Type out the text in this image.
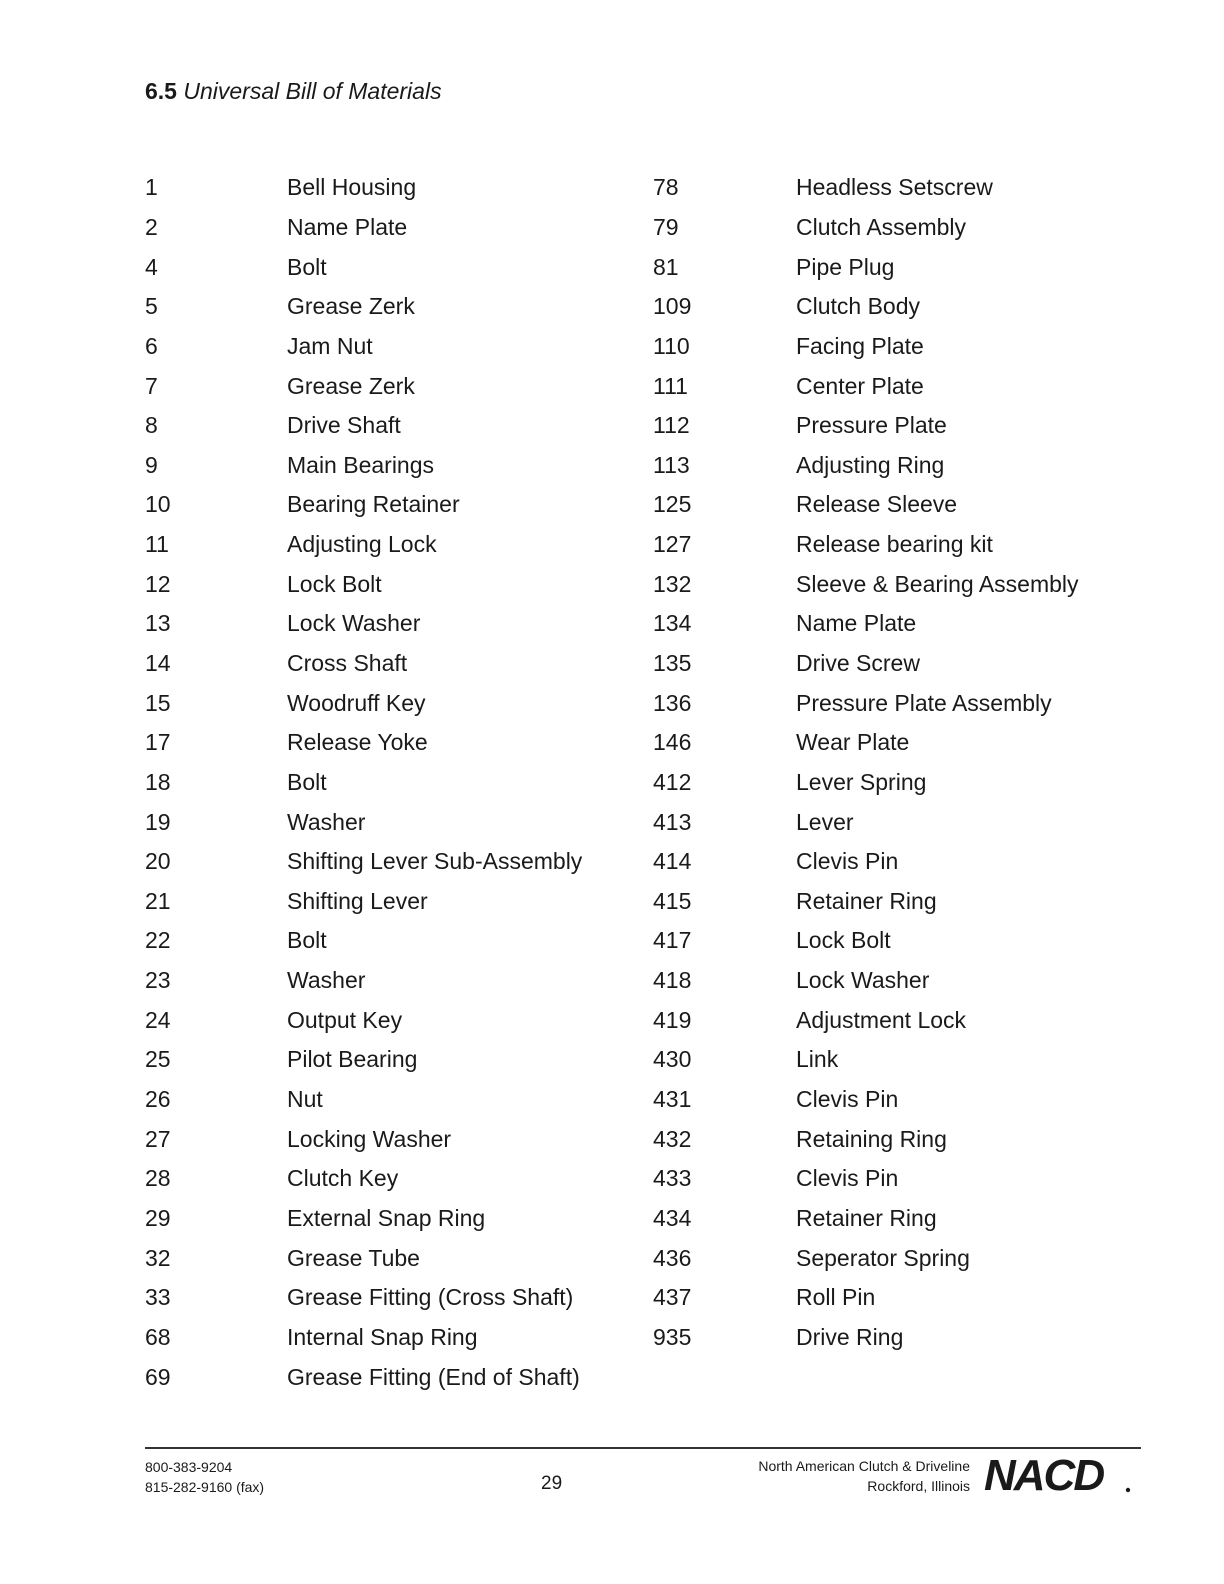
6.5 Universal Bill of Materials
1	Bell Housing
2	Name Plate
4	Bolt
5	Grease Zerk
6	Jam Nut
7	Grease Zerk
8	Drive Shaft
9	Main Bearings
10	Bearing Retainer
11	Adjusting Lock
12	Lock Bolt
13	Lock Washer
14	Cross Shaft
15	Woodruff Key
17	Release Yoke
18	Bolt
19	Washer
20	Shifting Lever Sub-Assembly
21	Shifting Lever
22	Bolt
23	Washer
24	Output Key
25	Pilot Bearing
26	Nut
27	Locking Washer
28	Clutch Key
29	External Snap Ring
32	Grease Tube
33	Grease Fitting (Cross Shaft)
68	Internal Snap Ring
69	Grease Fitting (End of Shaft)
78	Headless Setscrew
79	Clutch Assembly
81	Pipe Plug
109	Clutch Body
110	Facing Plate
111	Center Plate
112	Pressure Plate
113	Adjusting Ring
125	Release Sleeve
127	Release bearing kit
132	Sleeve & Bearing Assembly
134	Name Plate
135	Drive Screw
136	Pressure Plate Assembly
146	Wear Plate
412	Lever Spring
413	Lever
414	Clevis Pin
415	Retainer Ring
417	Lock Bolt
418	Lock Washer
419	Adjustment Lock
430	Link
431	Clevis Pin
432	Retaining Ring
433	Clevis Pin
434	Retainer Ring
436	Seperator Spring
437	Roll Pin
935	Drive Ring
800-383-9204
815-282-9160 (fax)	29
North American Clutch & Driveline
Rockford, Illinois NACD
